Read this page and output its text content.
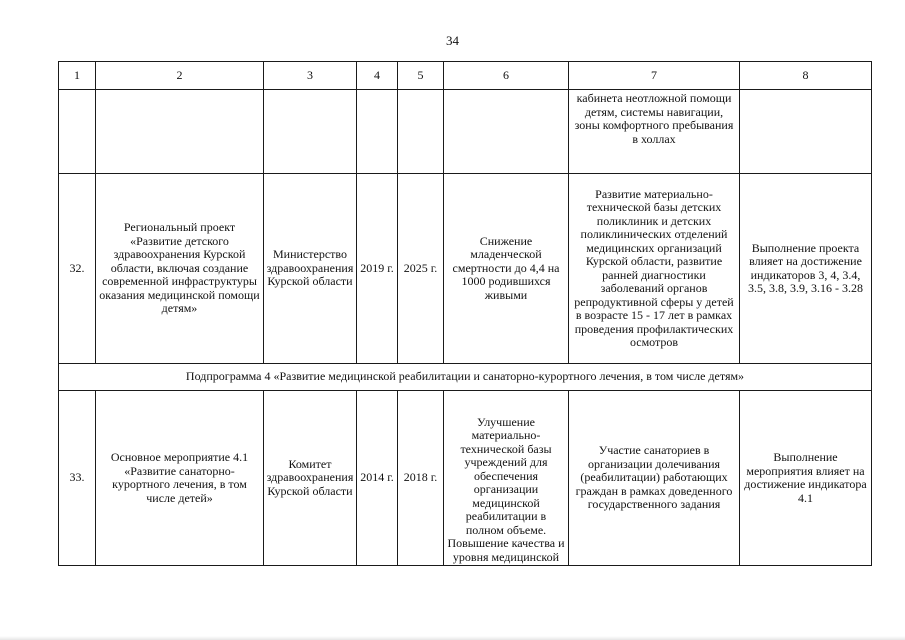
34
1	2	3	4	5	6	7	8
						кабинета неотложной помощи детям, системы навигации, зоны комфортного пребывания в холлах	
32.	Региональный проект «Развитие детского здравоохранения Курской области, включая создание современной инфраструктуры оказания медицинской помощи детям»	Министерство здравоохранения Курской области	2019 г.	2025 г.	Снижение младенческой смертности до 4,4 на 1000 родившихся живыми	Развитие материально-технической базы детских поликлиник и детских поликлинических отделений медицинских организаций Курской области, развитие ранней диагностики заболеваний органов репродуктивной сферы у детей в возрасте 15 - 17 лет в рамках проведения профилактических осмотров	Выполнение проекта влияет на достижение индикаторов 3, 4, 3.4, 3.5, 3.8, 3.9, 3.16 - 3.28
Подпрограмма 4 «Развитие медицинской реабилитации и санаторно-курортного лечения, в том числе детям»							
33.	Основное мероприятие 4.1 «Развитие санаторно-курортного лечения, в том числе детей»	Комитет здравоохранения Курской области	2014 г.	2018 г.	Улучшение материально-технической базы учреждений для обеспечения организации медицинской реабилитации в полном объеме. Повышение качества и уровня медицинской	Участие санаториев в организации долечивания (реабилитации) работающих граждан в рамках доведенного государственного задания	Выполнение мероприятия влияет на достижение индикатора 4.1
